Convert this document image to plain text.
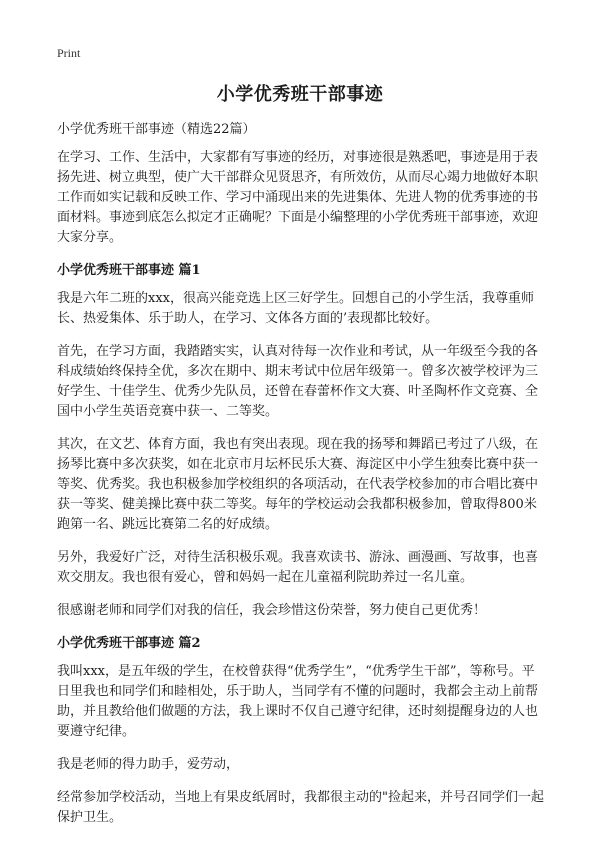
Print
小学优秀班干部事迹

小学优秀班干部事迹（精选22篇）

在学习、工作、生活中，大家都有写事迹的经历，对事迹很是熟悉吧，事迹是用于表扬先进、树立典型，使广大干部群众见贤思齐，有所效仿，从而尽心竭力地做好本职工作而如实记载和反映工作、学习中涌现出来的先进集体、先进人物的优秀事迹的书面材料。事迹到底怎么拟定才正确呢？下面是小编整理的小学优秀班干部事迹，欢迎大家分享。

小学优秀班干部事迹 篇1

我是六年二班的xxx，很高兴能竞选上区三好学生。回想自己的小学生活，我尊重师长、热爱集体、乐于助人，在学习、文体各方面的’表现都比较好。

首先，在学习方面，我踏踏实实，认真对待每一次作业和考试，从一年级至今我的各科成绩始终保持全优，多次在期中、期末考试中位居年级第一。曾多次被学校评为三好学生、十佳学生、优秀少先队员，还曾在春蕾杯作文大赛、叶圣陶杯作文竞赛、全国中小学生英语竞赛中获一、二等奖。

其次，在文艺、体育方面，我也有突出表现。现在我的扬琴和舞蹈已考过了八级，在扬琴比赛中多次获奖，如在北京市月坛杯民乐大赛、海淀区中小学生独奏比赛中获一等奖、优秀奖。我也积极参加学校组织的各项活动，在代表学校参加的市合唱比赛中获一等奖、健美操比赛中获二等奖。每年的学校运动会我都积极参加，曾取得800米跑第一名、跳远比赛第二名的好成绩。

另外，我爱好广泛，对待生活积极乐观。我喜欢读书、游泳、画漫画、写故事，也喜欢交朋友。我也很有爱心，曾和妈妈一起在儿童福利院助养过一名儿童。

很感谢老师和同学们对我的信任，我会珍惜这份荣誉，努力使自己更优秀！

小学优秀班干部事迹 篇2

我叫xxx，是五年级的学生，在校曾获得“优秀学生”，“优秀学生干部”，等称号。平日里我也和同学们和睦相处，乐于助人，当同学有不懂的问题时，我都会主动上前帮助，并且教给他们做题的方法，我上课时不仅自己遵守纪律，还时刻提醒身边的人也要遵守纪律。

我是老师的得力助手，爱劳动，

经常参加学校活动，当地上有果皮纸屑时，我都很主动的"捡起来，并号召同学们一起保护卫生。
